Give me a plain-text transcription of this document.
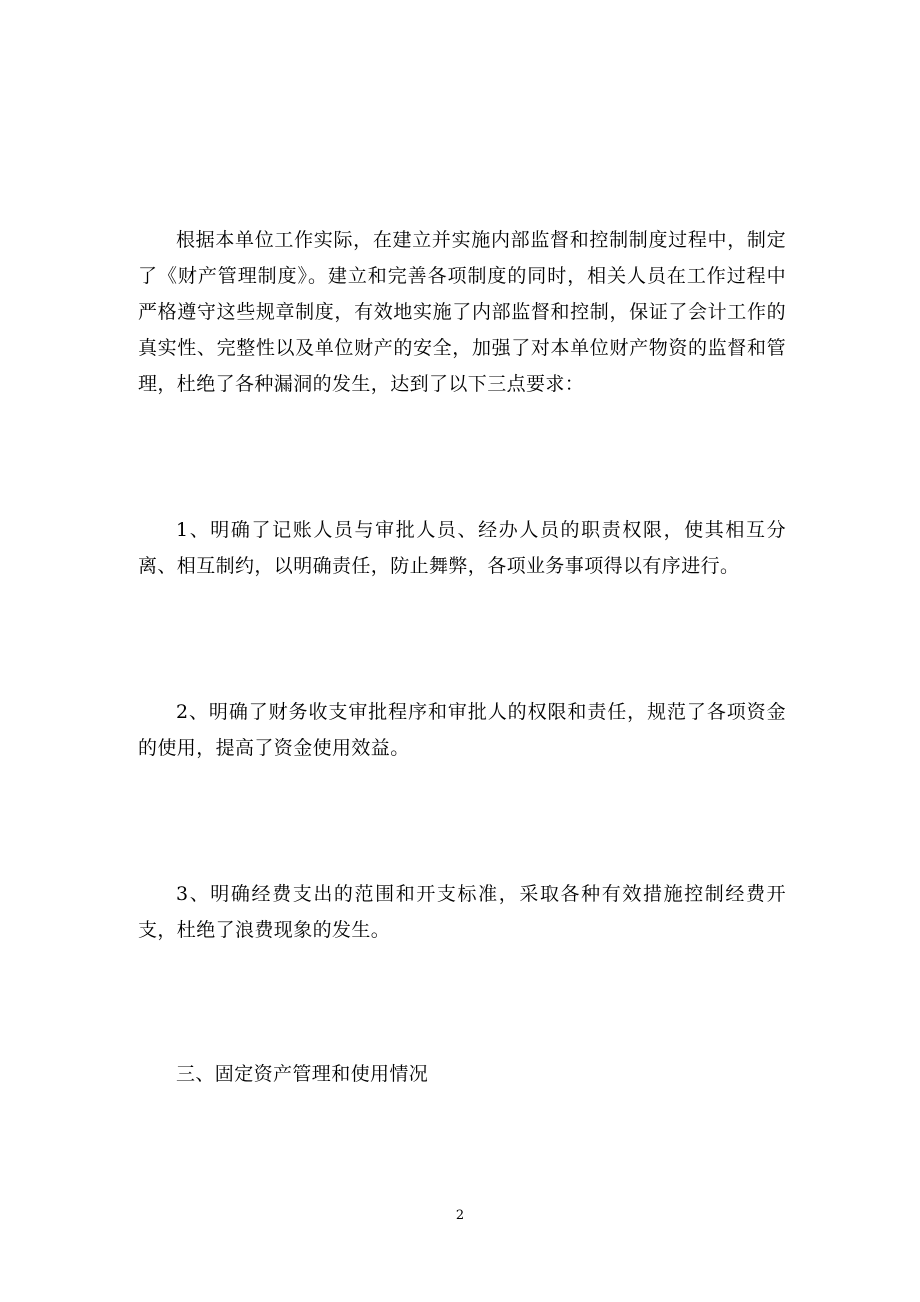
根据本单位工作实际，在建立并实施内部监督和控制制度过程中，制定了《财产管理制度》。建立和完善各项制度的同时，相关人员在工作过程中严格遵守这些规章制度，有效地实施了内部监督和控制，保证了会计工作的真实性、完整性以及单位财产的安全，加强了对本单位财产物资的监督和管理，杜绝了各种漏洞的发生，达到了以下三点要求：

1、明确了记账人员与审批人员、经办人员的职责权限，使其相互分离、相互制约，以明确责任，防止舞弊，各项业务事项得以有序进行。

2、明确了财务收支审批程序和审批人的权限和责任，规范了各项资金的使用，提高了资金使用效益。

3、明确经费支出的范围和开支标准，采取各种有效措施控制经费开支，杜绝了浪费现象的发生。

三、固定资产管理和使用情况

2
